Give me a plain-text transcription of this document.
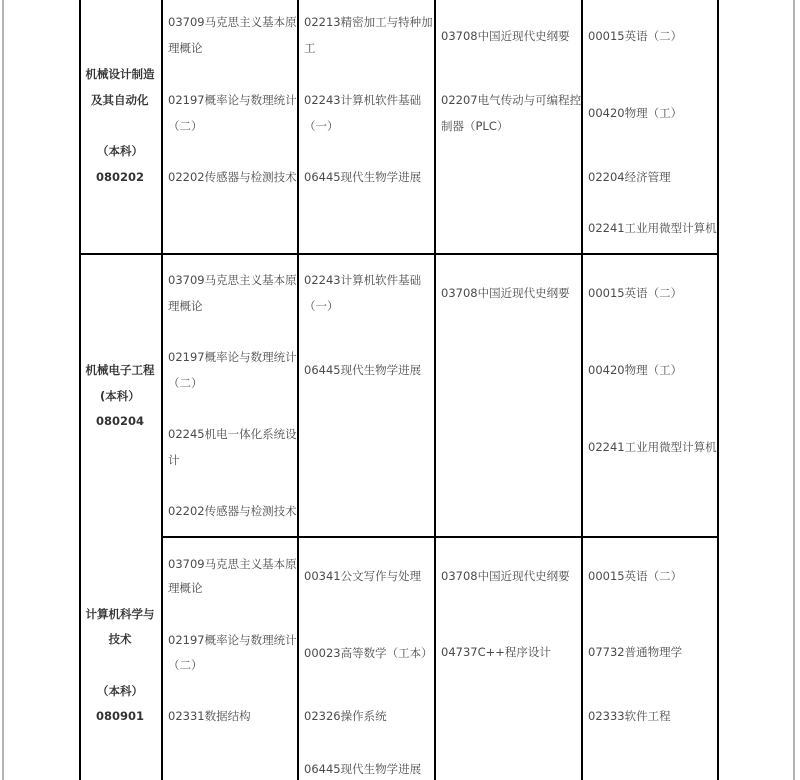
机械设计制造
及其自动化
（本科）
080202
03709马克思主义基本原
理概论
02197概率论与数理统计
（二）
02202传感器与检测技术
02213精密加工与特种加
工
02243计算机软件基础
（一）
06445现代生物学进展
03708中国近现代史纲要
02207电气传动与可编程控
制器（PLC）
00015英语（二）
00420物理（工）
02204经济管理
02241工业用微型计算机
机械电子工程
(本科）
080204
03709马克思主义基本原
理概论
02197概率论与数理统计
（二）
02245机电一体化系统设
计
02202传感器与检测技术
02243计算机软件基础
（一）
06445现代生物学进展
03708中国近现代史纲要 00015英语（二）
00420物理（工）
02241工业用微型计算机
计算机科学与
技术
（本科）
080901
03709马克思主义基本原
理概论
02197概率论与数理统计
（二）
02331数据结构
00341公文写作与处理
00023高等数学（工本）
02326操作系统
06445现代生物学进展
03708中国近现代史纲要
04737C++程序设计
00015英语（二）
07732普通物理学
02333软件工程
